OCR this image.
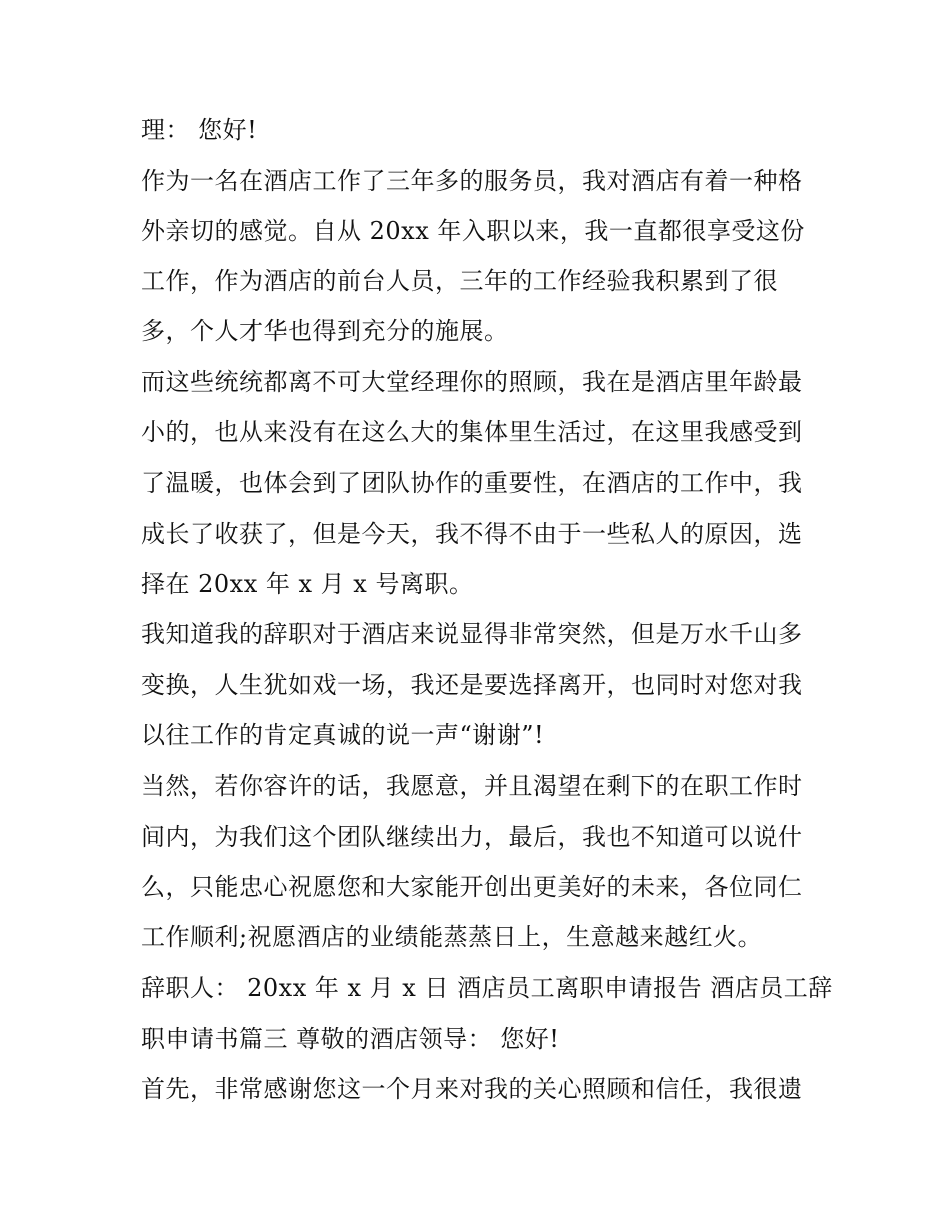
理： 您好!
作为一名在酒店工作了三年多的服务员，我对酒店有着一种格
外亲切的感觉。自从 20xx 年入职以来，我一直都很享受这份
工作，作为酒店的前台人员，三年的工作经验我积累到了很
多，个人才华也得到充分的施展。
而这些统统都离不可大堂经理你的照顾，我在是酒店里年龄最
小的，也从来没有在这么大的集体里生活过，在这里我感受到
了温暖，也体会到了团队协作的重要性，在酒店的工作中，我
成长了收获了，但是今天，我不得不由于一些私人的原因，选
择在 20xx 年 x 月 x 号离职。
我知道我的辞职对于酒店来说显得非常突然，但是万水千山多
变换，人生犹如戏一场，我还是要选择离开，也同时对您对我
以往工作的肯定真诚的说一声“谢谢”!
当然，若你容许的话，我愿意，并且渴望在剩下的在职工作时
间内，为我们这个团队继续出力，最后，我也不知道可以说什
么，只能忠心祝愿您和大家能开创出更美好的未来，各位同仁
工作顺利;祝愿酒店的业绩能蒸蒸日上，生意越来越红火。
辞职人： 20xx 年 x 月 x 日 酒店员工离职申请报告 酒店员工辞
职申请书篇三 尊敬的酒店领导： 您好!
首先，非常感谢您这一个月来对我的关心照顾和信任，我很遗
